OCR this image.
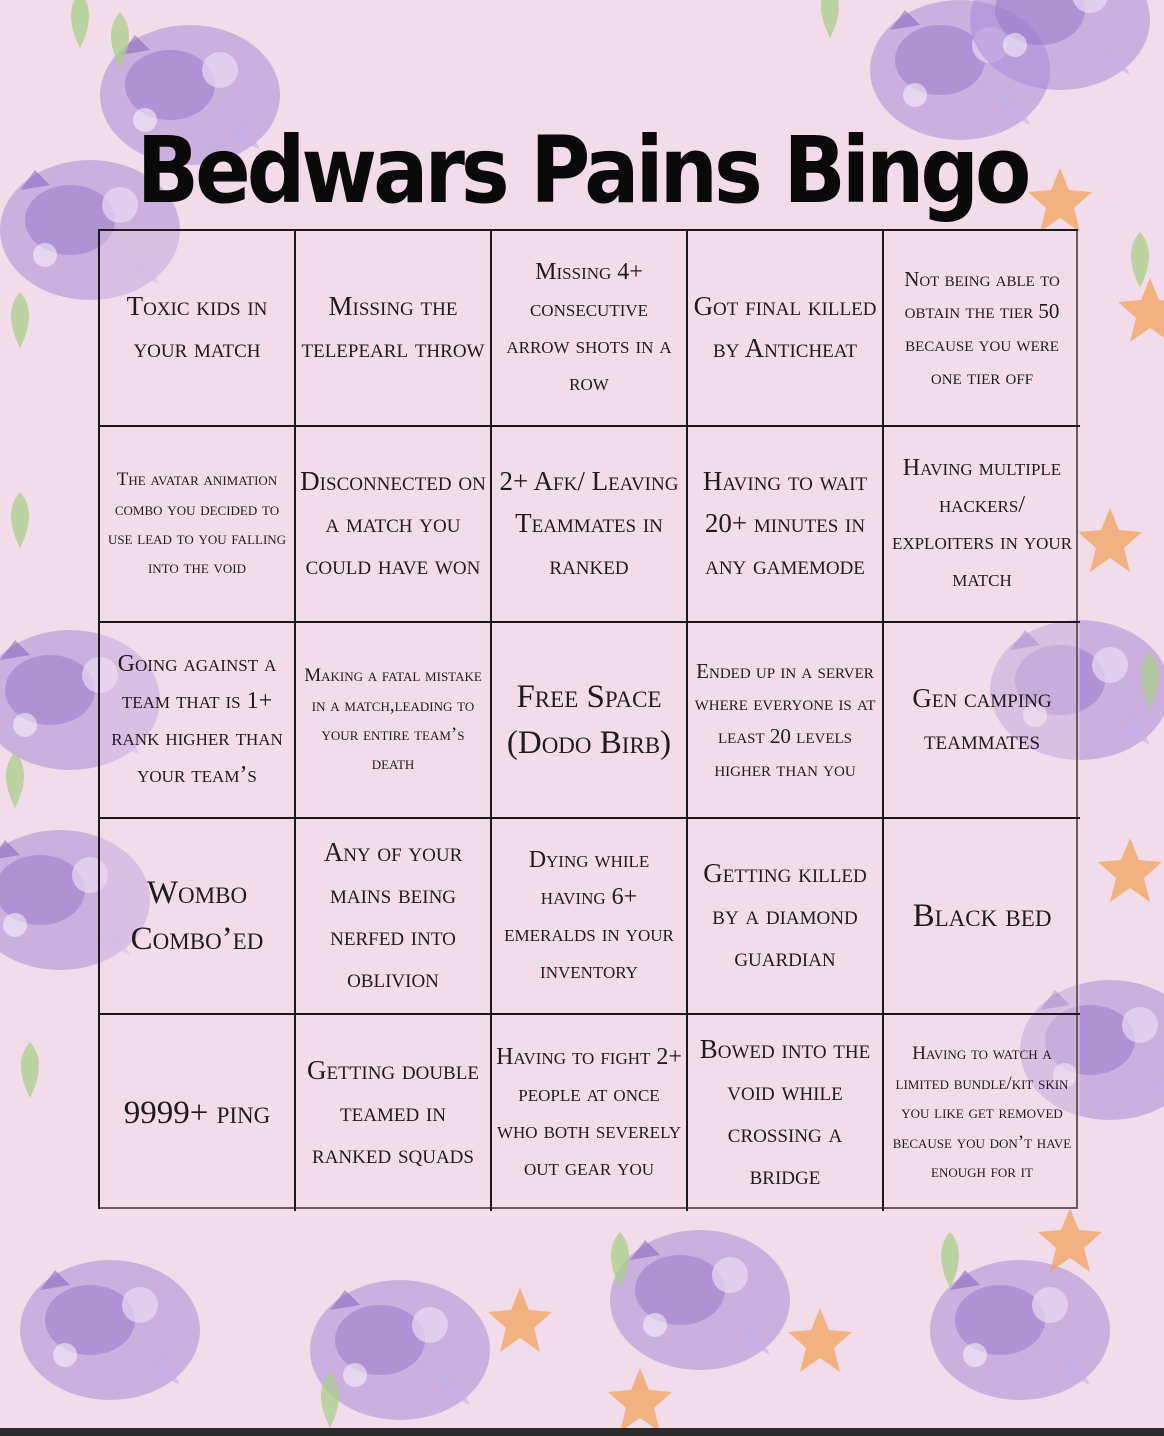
Bedwars Pains Bingo
Toxic kids in your match
Missing the telepearl throw
Missing 4+ consecutive arrow shots in a row
Got final killed by Anticheat
Not being able to obtain the tier 50 because you were one tier off
The avatar animation combo you decided to use lead to you falling into the void
Disconnected on a match you could have won
2+ Afk/ Leaving Teammates in ranked
Having to wait 20+ minutes in any gamemode
Having multiple hackers/ exploiters in your match
Going against a team that is 1+ rank higher than your team’s
Making a fatal mistake in a match,leading to your entire team’s death
Free Space (Dodo Birb)
Ended up in a server where everyone is at least 20 levels higher than you
Gen camping teammates
Wombo Combo’ed
Any of your mains being nerfed into oblivion
Dying while having 6+ emeralds in your inventory
Getting killed by a diamond guardian
Black bed
9999+ ping
Getting double teamed in ranked squads
Having to fight 2+ people at once who both severely out gear you
Bowed into the void while crossing a bridge
Having to watch a limited bundle/kit skin you like get removed because you don’t have enough for it
